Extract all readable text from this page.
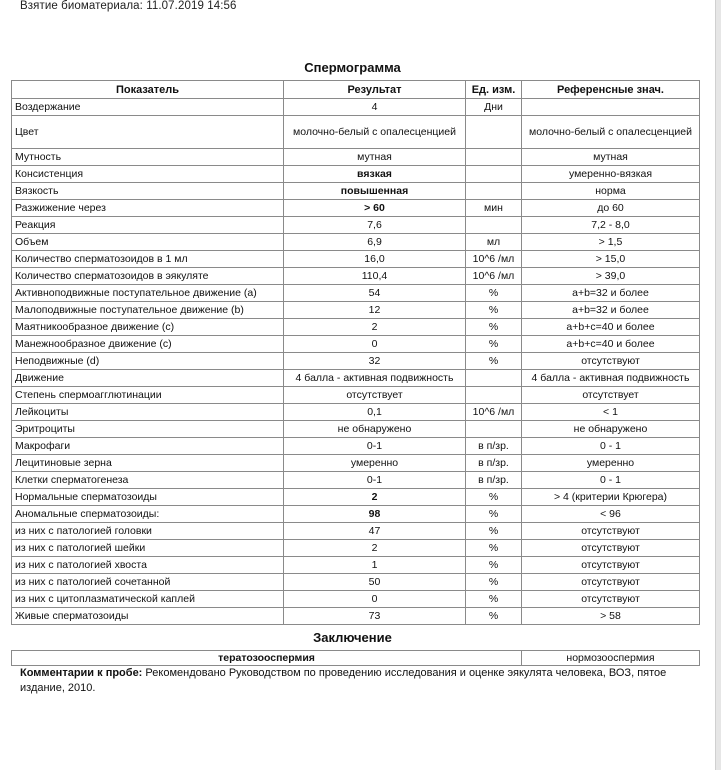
Взятие биоматериала: 11.07.2019 14:56
Спермограмма
Показатель	Результат	Ед. изм.	Референсные знач.
Воздержание	4	Дни	
Цвет	молочно-белый с опалесценцией		молочно-белый с опалесценцией
Мутность	мутная		мутная
Консистенция	вязкая		умеренно-вязкая
Вязкость	повышенная		норма
Разжижение через	> 60	мин	до 60
Реакция	7,6		7,2 - 8,0
Объем	6,9	мл	> 1,5
Количество сперматозоидов в 1 мл	16,0	10^6 /мл	> 15,0
Количество сперматозоидов в эякуляте	110,4	10^6 /мл	> 39,0
Активноподвижные поступательное движение (a)	54	%	a+b=32 и более
Малоподвижные поступательное движение (b)	12	%	a+b=32 и более
Маятникообразное движение (c)	2	%	a+b+c=40 и более
Манежнообразное движение (c)	0	%	a+b+c=40 и более
Неподвижные (d)	32	%	отсутствуют
Движение	4 балла - активная подвижность		4 балла - активная подвижность
Степень спермоагглютинации	отсутствует		отсутствует
Лейкоциты	0,1	10^6 /мл	< 1
Эритроциты	не обнаружено		не обнаружено
Макрофаги	0-1	в п/зр.	0 - 1
Лецитиновые зерна	умеренно	в п/зр.	умеренно
Клетки сперматогенеза	0-1	в п/зр.	0 - 1
Нормальные сперматозоиды	2	%	> 4 (критерии Крюгера)
Аномальные сперматозоиды:	98	%	< 96
из них с патологией головки	47	%	отсутствуют
из них с патологией шейки	2	%	отсутствуют
из них с патологией хвоста	1	%	отсутствуют
из них с патологией сочетанной	50	%	отсутствуют
из них с цитоплазматической каплей	0	%	отсутствуют
Живые сперматозоиды	73	%	> 58
Заключение
тератозооспермия	нормозооспермия
Комментарии к пробе: Рекомендовано Руководством по проведению исследования и оценке эякулята человека, ВОЗ, пятое издание, 2010.
